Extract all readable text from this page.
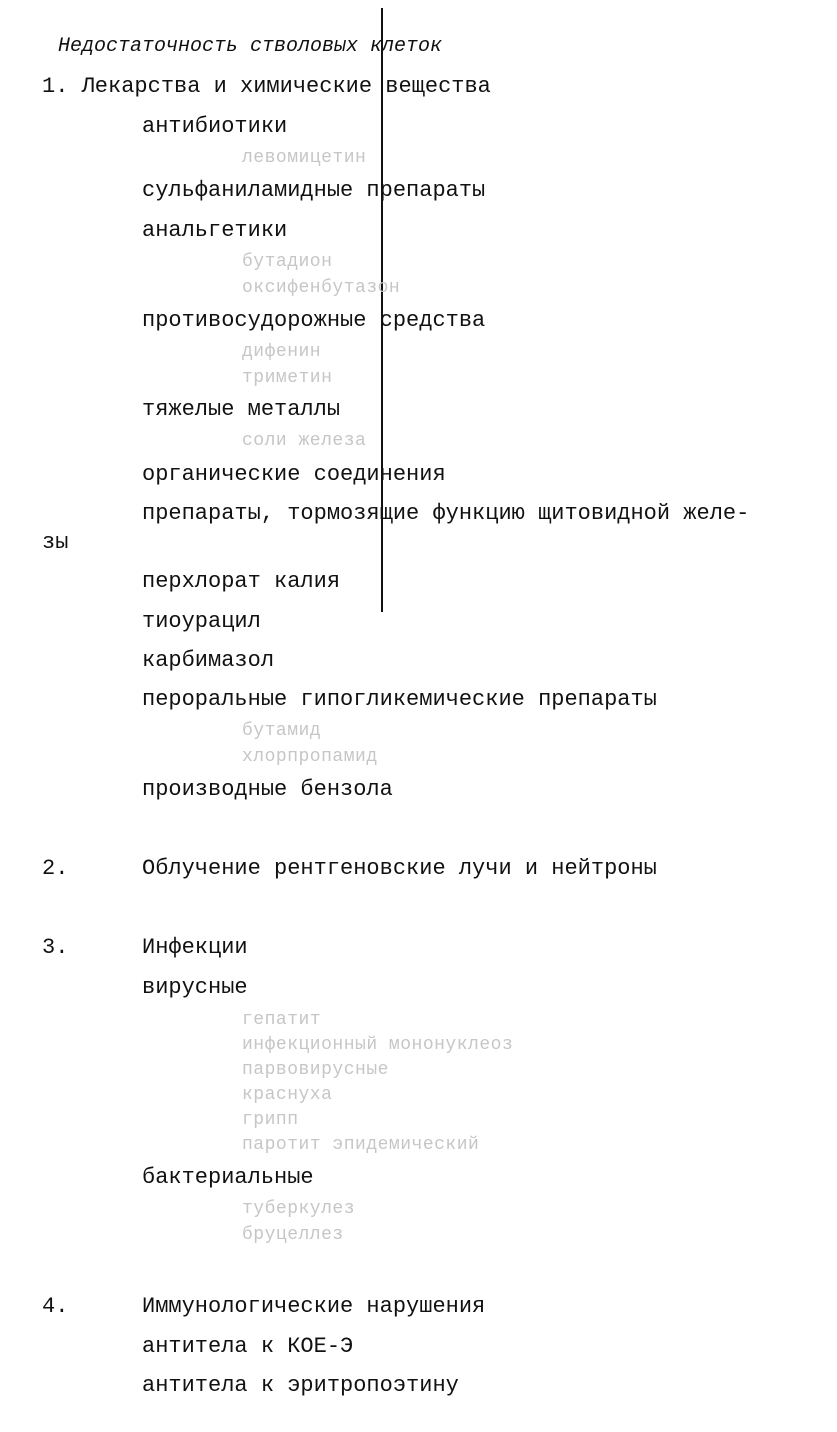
Недостаточность стволовых клеток
1. Лекарства и химические вещества
антибиотики
левомицетин
сульфаниламидные препараты
анальгетики
бутадион
оксифенбутазон
противосудорожные средства
дифенин
триметин
тяжелые металлы
соли железа
органические соединения
препараты, тормозящие функцию щитовидной желе-
зы
перхлорат калия
тиоурацил
карбимазол
пероральные гипогликемические препараты
бутамид
хлорпропамид
производные бензола
2.	Облучение рентгеновские лучи и нейтроны
3.	Инфекции
вирусные
гепатит
инфекционный мононуклеоз
парвовирусные
краснуха
грипп
паротит эпидемический
бактериальные
туберкулез
бруцеллез
4.	Иммунологические нарушения
антитела к КОЕ-Э
антитела к эритропоэтину
